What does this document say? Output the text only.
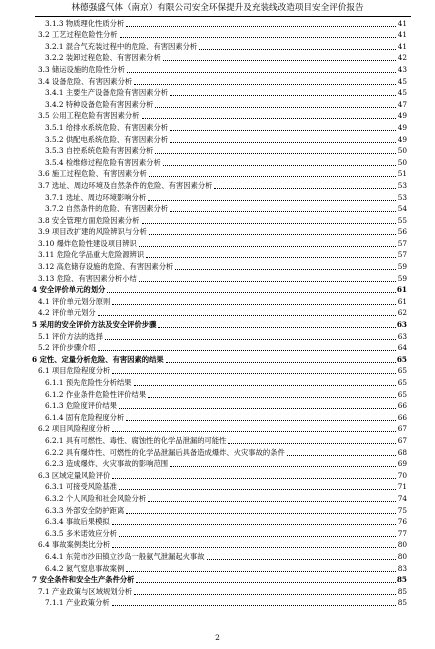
林德强盛气体（南京）有限公司安全环保提升及充装线改造项目安全评价报告
3.1.3 物质理化性质分析	41
3.2 工艺过程危险性分析	41
3.2.1 混合气充装过程中的危险、有害因素分析	41
3.2.2 装卸过程危险、有害因素分析	42
3.3 储运设施的危险性分析	43
3.4 设备危险、有害因素分析	45
3.4.1 主要生产设备危险有害因素分析	45
3.4.2 特种设备危险有害因素分析	47
3.5 公用工程危险有害因素分析	49
3.5.1 给排水系统危险、有害因素分析	49
3.5.2 供配电系统危险、有害因素分析	49
3.5.3 自控系统危险有害因素分析	50
3.5.4 检维修过程危险有害因素分析	50
3.6 施工过程危险、有害因素分析	51
3.7 选址、周边环境及自然条件的危险、有害因素分析	53
3.7.1 选址、周边环境影响分析	53
3.7.2 自然条件的危险、有害因素分析	54
3.8 安全管理方面危险因素分析	55
3.9 项目改扩建的风险辨识与分析	56
3.10 爆炸危险性建设项目辨识	57
3.11 危险化学品重大危险源辨识	57
3.12 高危储存设施的危险、有害因素分析	59
3.13 危险、有害因素分析小结	59
4 安全评价单元的划分	61
4.1 评价单元划分原则	61
4.2 评价单元划分	62
5 采用的安全评价方法及安全评价步骤	63
5.1 评价方法的选择	63
5.2 评价步骤介绍	64
6 定性、定量分析危险、有害因素的结果	65
6.1 项目危险程度分析	65
6.1.1 预先危险性分析结果	65
6.1.2 作业条件危险性评价结果	65
6.1.3 危险度评价结果	66
6.1.4 固有危险程度分析	66
6.2 项目风险程度分析	67
6.2.1 具有可燃性、毒性、腐蚀性的化学品泄漏的可能性	67
6.2.2 具有爆炸性、可燃性的化学品泄漏后具备造成爆炸、火灾事故的条件	68
6.2.3 造成爆炸、火灾事故的影响范围	69
6.3 区域定量风险评价	70
6.3.1 可接受风险基准	71
6.3.2 个人风险和社会风险分析	74
6.3.3 外部安全防护距离	75
6.3.4 事故后果模拟	76
6.3.5 多米诺效应分析	77
6.4 事故案例类比分析	80
6.4.1 东莞市沙田镇立沙岛一般氨气泄漏起火事故	80
6.4.2 氮气窒息事故案例	83
7 安全条件和安全生产条件分析	85
7.1 产业政策与区域规划分析	85
7.1.1 产业政策分析	85
2
